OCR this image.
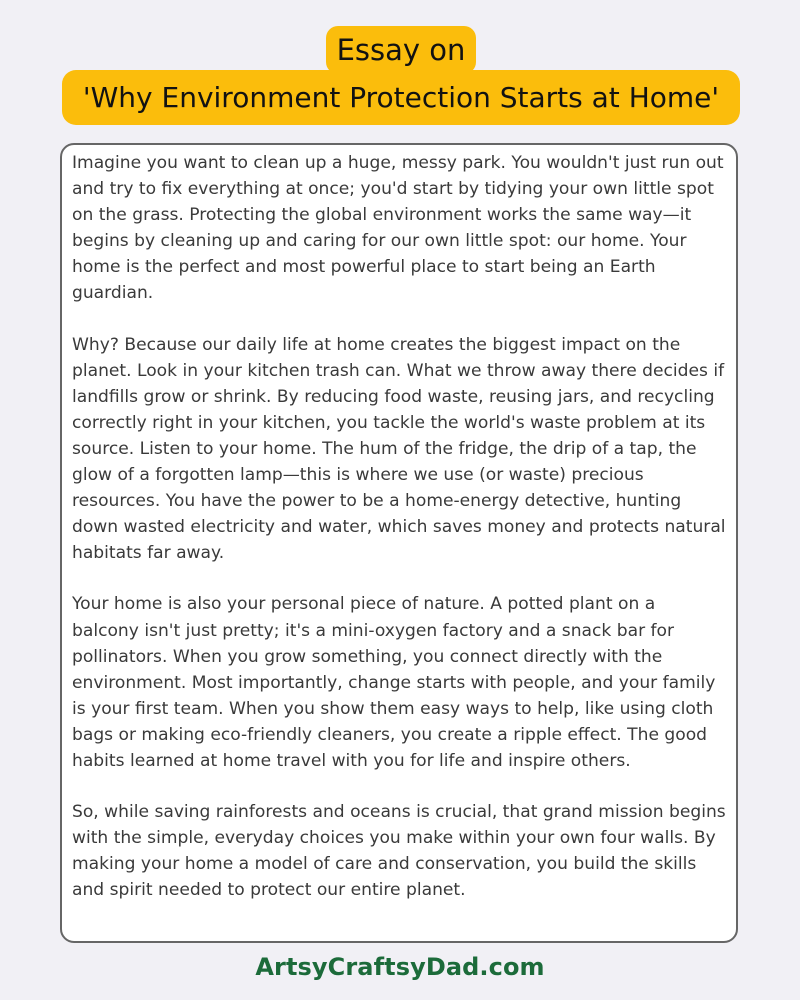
Essay on
'Why Environment Protection Starts at Home'

Imagine you want to clean up a huge, messy park. You wouldn't just run out and try to fix everything at once; you'd start by tidying your own little spot on the grass. Protecting the global environment works the same way—it begins by cleaning up and caring for our own little spot: our home. Your home is the perfect and most powerful place to start being an Earth guardian.

Why? Because our daily life at home creates the biggest impact on the planet. Look in your kitchen trash can. What we throw away there decides if landfills grow or shrink. By reducing food waste, reusing jars, and recycling correctly right in your kitchen, you tackle the world's waste problem at its source. Listen to your home. The hum of the fridge, the drip of a tap, the glow of a forgotten lamp—this is where we use (or waste) precious resources. You have the power to be a home-energy detective, hunting down wasted electricity and water, which saves money and protects natural habitats far away.

Your home is also your personal piece of nature. A potted plant on a balcony isn't just pretty; it's a mini-oxygen factory and a snack bar for pollinators. When you grow something, you connect directly with the environment. Most importantly, change starts with people, and your family is your first team. When you show them easy ways to help, like using cloth bags or making eco-friendly cleaners, you create a ripple effect. The good habits learned at home travel with you for life and inspire others.

So, while saving rainforests and oceans is crucial, that grand mission begins with the simple, everyday choices you make within your own four walls. By making your home a model of care and conservation, you build the skills and spirit needed to protect our entire planet.

ArtsyCraftsyDad.com
